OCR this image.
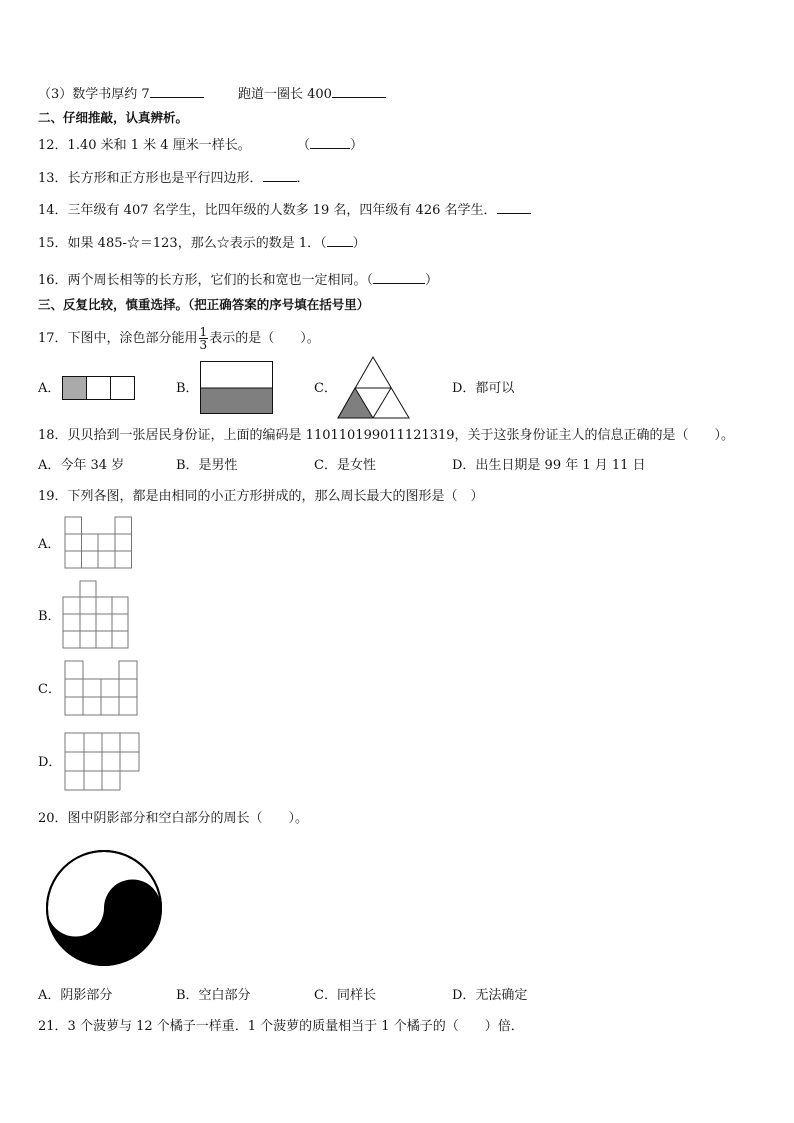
（3）数学书厚约 7	跑道一圈长 400
二、仔细推敲，认真辨析。
12．1.40 米和 1 米 4 厘米一样长。	（	）
13．长方形和正方形也是平行四边形．	．
14．三年级有 407 名学生，比四年级的人数多 19 名，四年级有 426 名学生．
15．如果 485-☆＝123，那么☆表示的数是 1．（ ）
16．两个周长相等的长方形，它们的长和宽也一定相同。（	）
三、反复比较，慎重选择。（把正确答案的序号填在括号里）
17．下图中，涂色部分能用 $\frac{1}{3}$ 表示的是（　　）。
A．	B．	C．	D．都可以
18．贝贝拾到一张居民身份证，上面的编码是 110110199011121319，关于这张身份证主人的信息正确的是（　　）。
A．今年 34 岁	B．是男性	C．是女性	D．出生日期是 99 年 1 月 11 日
19．下列各图，都是由相同的小正方形拼成的，那么周长最大的图形是（　）
A．
B．
C．
D．
20．图中阴影部分和空白部分的周长（　　）。
A．阴影部分	B．空白部分	C．同样长	D．无法确定
21．3 个菠萝与 12 个橘子一样重．1 个菠萝的质量相当于 1 个橘子的（　　）倍．
